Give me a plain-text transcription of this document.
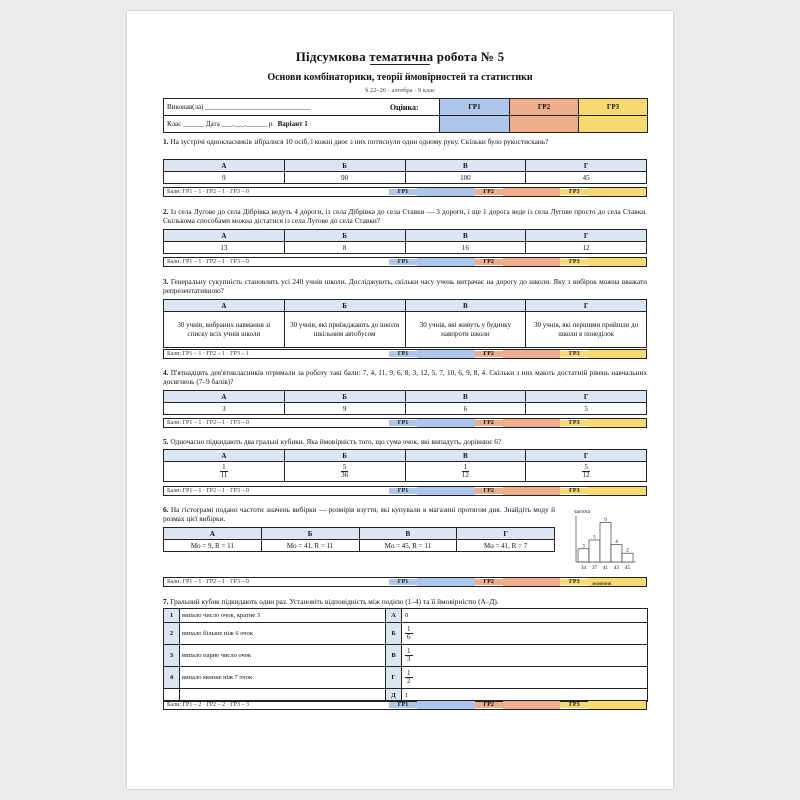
Підсумкова тематична робота № 5
Основи комбінаторики, теорії ймовірностей та статистики
§ 22–26 · алгебра · 9 клас
Виконав(ла) ______________________________	Оцінка:	ГР1	ГР2	ГР3
Клас ______ Дата ___.___.______ р. Варіант 1				
1. На зустрічі однокласників зібралися 10 осіб, і кожні двоє з них потиснули один одному руку. Скільки було рукостискань?
А	Б	В	Г
9	90	100	45
Бали: ГР1 – 1 · ГР2 – 1 · ГР3 – 0	ГР1	ГР2	ГР3
2. Із села Лугове до села Дібрівка ведуть 4 дороги, із села Дібрівка до села Ставки — 3 дороги, і ще 1 дорога веде із села Лугове просто до села Ставки. Скількома способами можна дістатися із села Лугове до села Ставки?
А	Б	В	Г
13	8	16	12
Бали: ГР1 – 1 · ГР2 – 1 · ГР3 – 0	ГР1	ГР2	ГР3
3. Генеральну сукупність становлять усі 240 учнів школи. Досліджують, скільки часу учень витрачає на дорогу до школи. Яку з вибірок можна вважати репрезентативною?
А	Б	В	Г
30 учнів, вибраних навмання зі списку всіх учнів школи	30 учнів, які приїжджають до школи шкільним автобусом	30 учнів, які живуть у будинку навпроти школи	30 учнів, які першими прийшли до школи в понеділок
Бали: ГР1 – 1 · ГР2 – 1 · ГР3 – 1	ГР1	ГР2	ГР3
4. П'ятнадцять дев'ятикласників отримали за роботу такі бали: 7, 4, 11, 9, 6, 8, 3, 12, 5, 7, 10, 6, 9, 8, 4. Скільки з них мають достатній рівень навчальних досягнень (7–9 балів)?
А	Б	В	Г
3	9	6	5
Бали: ГР1 – 1 · ГР2 – 1 · ГР3 – 0	ГР1	ГР2	ГР3
5. Одночасно підкидають два гральні кубики. Яка ймовірність того, що сума очок, які випадуть, дорівнює 6?
А	Б	В	Г

$\frac{1}{11}$	$\frac{5}{36}$	$\frac{1}{12}$	$\frac{5}{12}$
Бали: ГР1 – 1 · ГР2 – 1 · ГР3 – 0	ГР1	ГР2	ГР3
6. На гістограмі подано частоти значень вибірки — розмірів взуття, які купували в магазині протягом дня. Знайдіть моду й розмах цієї вибірки.
А	Б	В	Г
Mo = 9, R = 11	Mo = 41, R = 11	Mo = 45, R = 11	Mo = 41, R = 7
Бали: ГР1 – 1 · ГР2 – 1 · ГР3 – 0	ГР1	ГР2	ГР3
7. Гральний кубик підкидають один раз. Установіть відповідність між подією (1–4) та її ймовірністю (А–Д).
1	випало число очок, кратне 3	А	0
2	випало більше ніж 6 очок	Б	$\frac{1}{6}$

3	випало парне число очок	В	$\frac{1}{3}$

4	випало менше ніж 7 очок	Г	$\frac{1}{2}$

		Д	1
Бали: ГР1 – 2 · ГР2 – 2 · ГР3 – 3	ГР1	ГР2	ГР3
частота
3
34
5
37
9
41
4
43
2
45
значення
